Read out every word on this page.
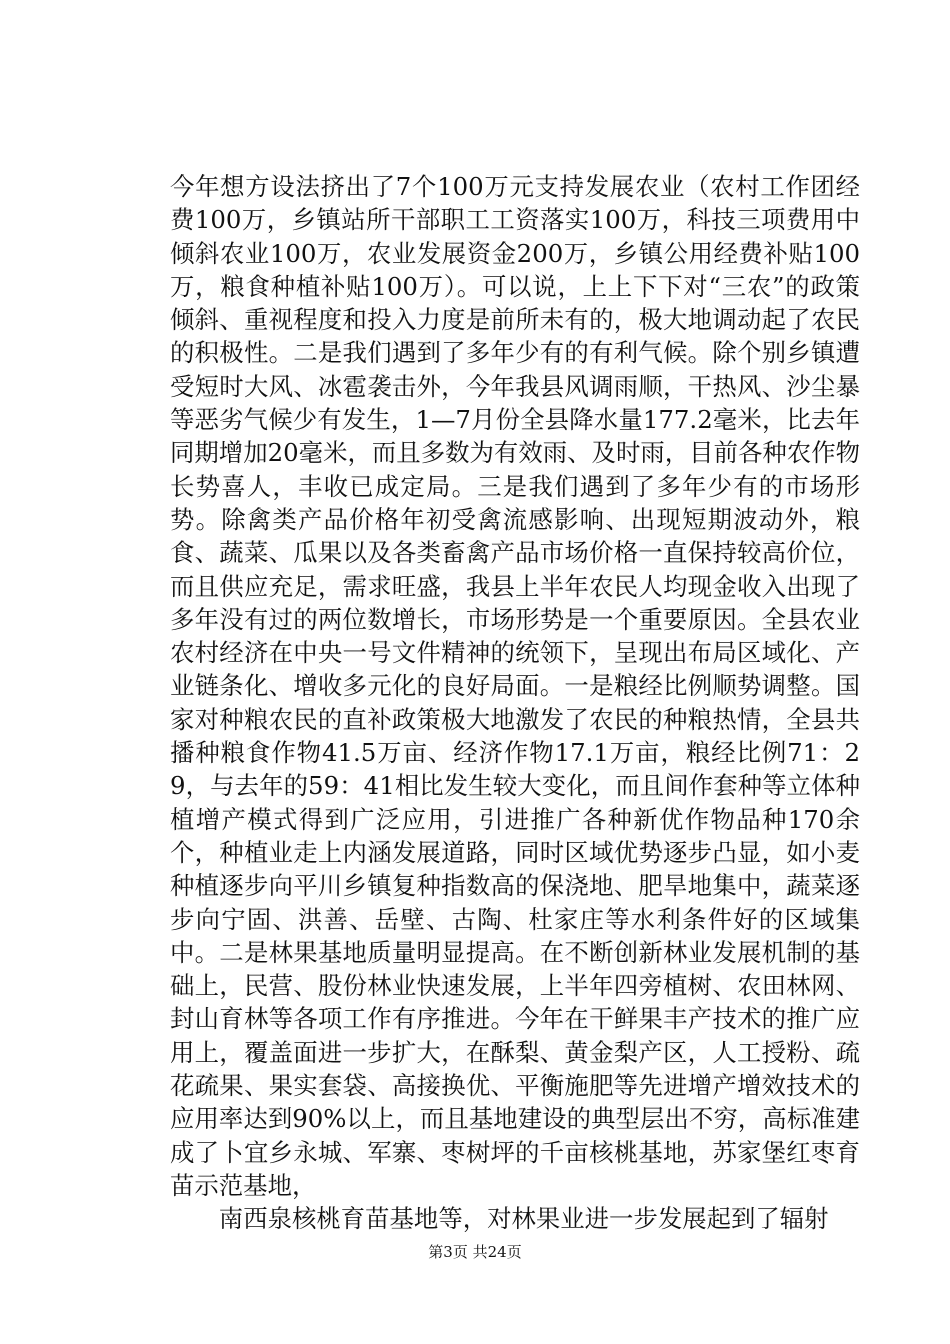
今年想方设法挤出了7个100万元支持发展农业（农村工作团经费100万，乡镇站所干部职工工资落实100万，科技三项费用中倾斜农业100万，农业发展资金200万，乡镇公用经费补贴100万，粮食种植补贴100万）。可以说，上上下下对“三农”的政策倾斜、重视程度和投入力度是前所未有的，极大地调动起了农民的积极性。二是我们遇到了多年少有的有利气候。除个别乡镇遭受短时大风、冰雹袭击外，今年我县风调雨顺，干热风、沙尘暴等恶劣气候少有发生，1—7月份全县降水量177.2毫米，比去年同期增加20毫米，而且多数为有效雨、及时雨，目前各种农作物长势喜人，丰收已成定局。三是我们遇到了多年少有的市场形势。除禽类产品价格年初受禽流感影响、出现短期波动外，粮食、蔬菜、瓜果以及各类畜禽产品市场价格一直保持较高价位，而且供应充足，需求旺盛，我县上半年农民人均现金收入出现了多年没有过的两位数增长，市场形势是一个重要原因。全县农业农村经济在中央一号文件精神的统领下，呈现出布局区域化、产业链条化、增收多元化的良好局面。一是粮经比例顺势调整。国家对种粮农民的直补政策极大地激发了农民的种粮热情，全县共播种粮食作物41.5万亩、经济作物17.1万亩，粮经比例71：29，与去年的59：41相比发生较大变化，而且间作套种等立体种植增产模式得到广泛应用，引进推广各种新优作物品种170余个，种植业走上内涵发展道路，同时区域优势逐步凸显，如小麦种植逐步向平川乡镇复种指数高的保浇地、肥旱地集中，蔬菜逐步向宁固、洪善、岳壁、古陶、杜家庄等水利条件好的区域集中。二是林果基地质量明显提高。在不断创新林业发展机制的基础上，民营、股份林业快速发展，上半年四旁植树、农田林网、封山育林等各项工作有序推进。今年在干鲜果丰产技术的推广应用上，覆盖面进一步扩大，在酥梨、黄金梨产区，人工授粉、疏花疏果、果实套袋、高接换优、平衡施肥等先进增产增效技术的应用率达到90%以上，而且基地建设的典型层出不穷，高标准建成了卜宜乡永城、军寨、枣树坪的千亩核桃基地，苏家堡红枣育苗示范基地，

南西泉核桃育苗基地等，对林果业进一步发展起到了辐射

第3页 共24页
